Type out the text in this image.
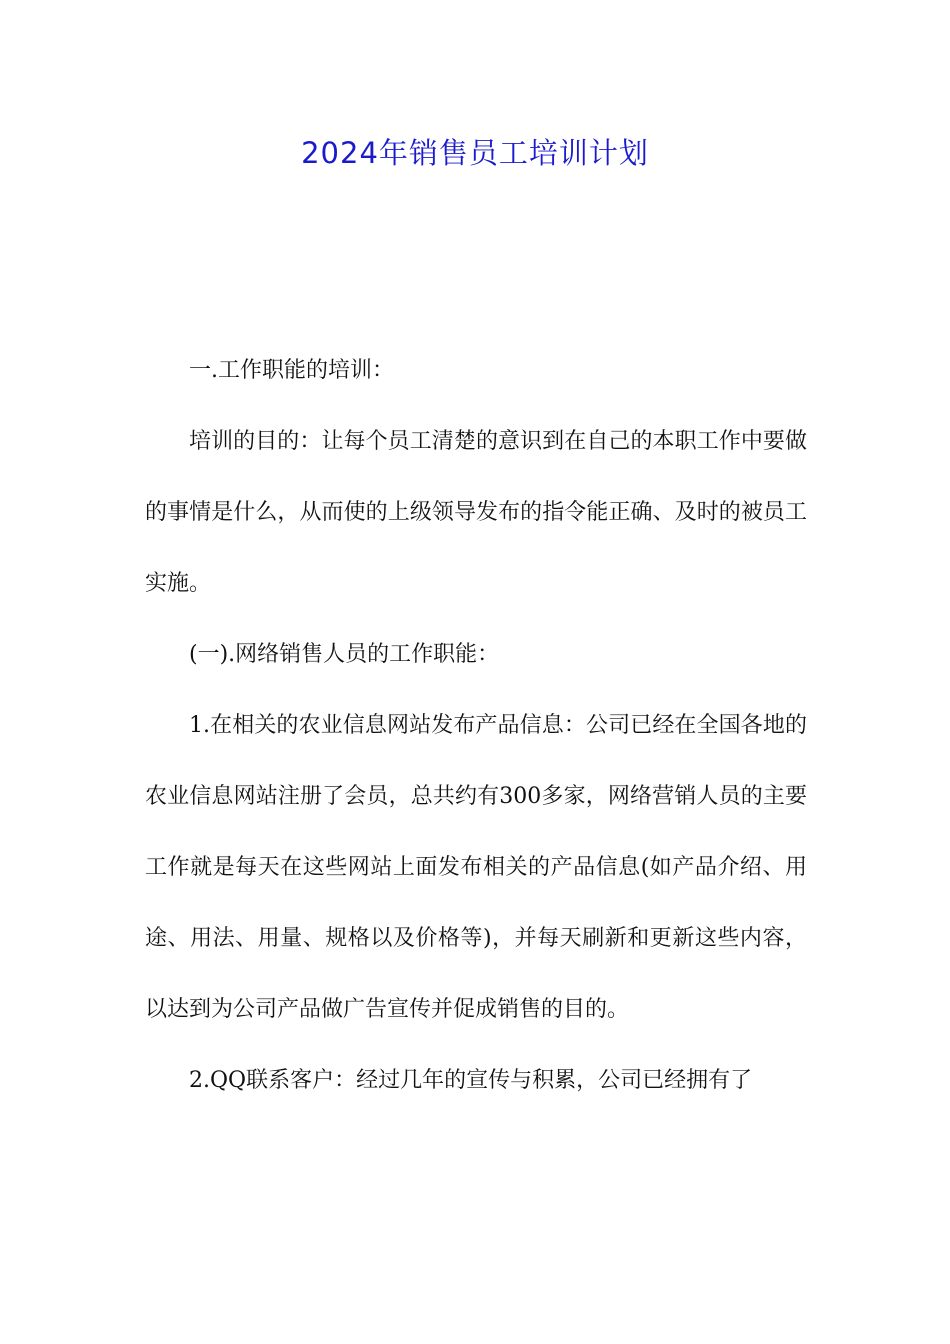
2024年销售员工培训计划

一.工作职能的培训：

培训的目的：让每个员工清楚的意识到在自己的本职工作中要做的事情是什么，从而使的上级领导发布的指令能正确、及时的被员工实施。

(一).网络销售人员的工作职能：

1.在相关的农业信息网站发布产品信息：公司已经在全国各地的农业信息网站注册了会员，总共约有300多家，网络营销人员的主要工作就是每天在这些网站上面发布相关的产品信息(如产品介绍、用途、用法、用量、规格以及价格等)，并每天刷新和更新这些内容，以达到为公司产品做广告宣传并促成销售的目的。

2.QQ联系客户：经过几年的宣传与积累，公司已经拥有了
